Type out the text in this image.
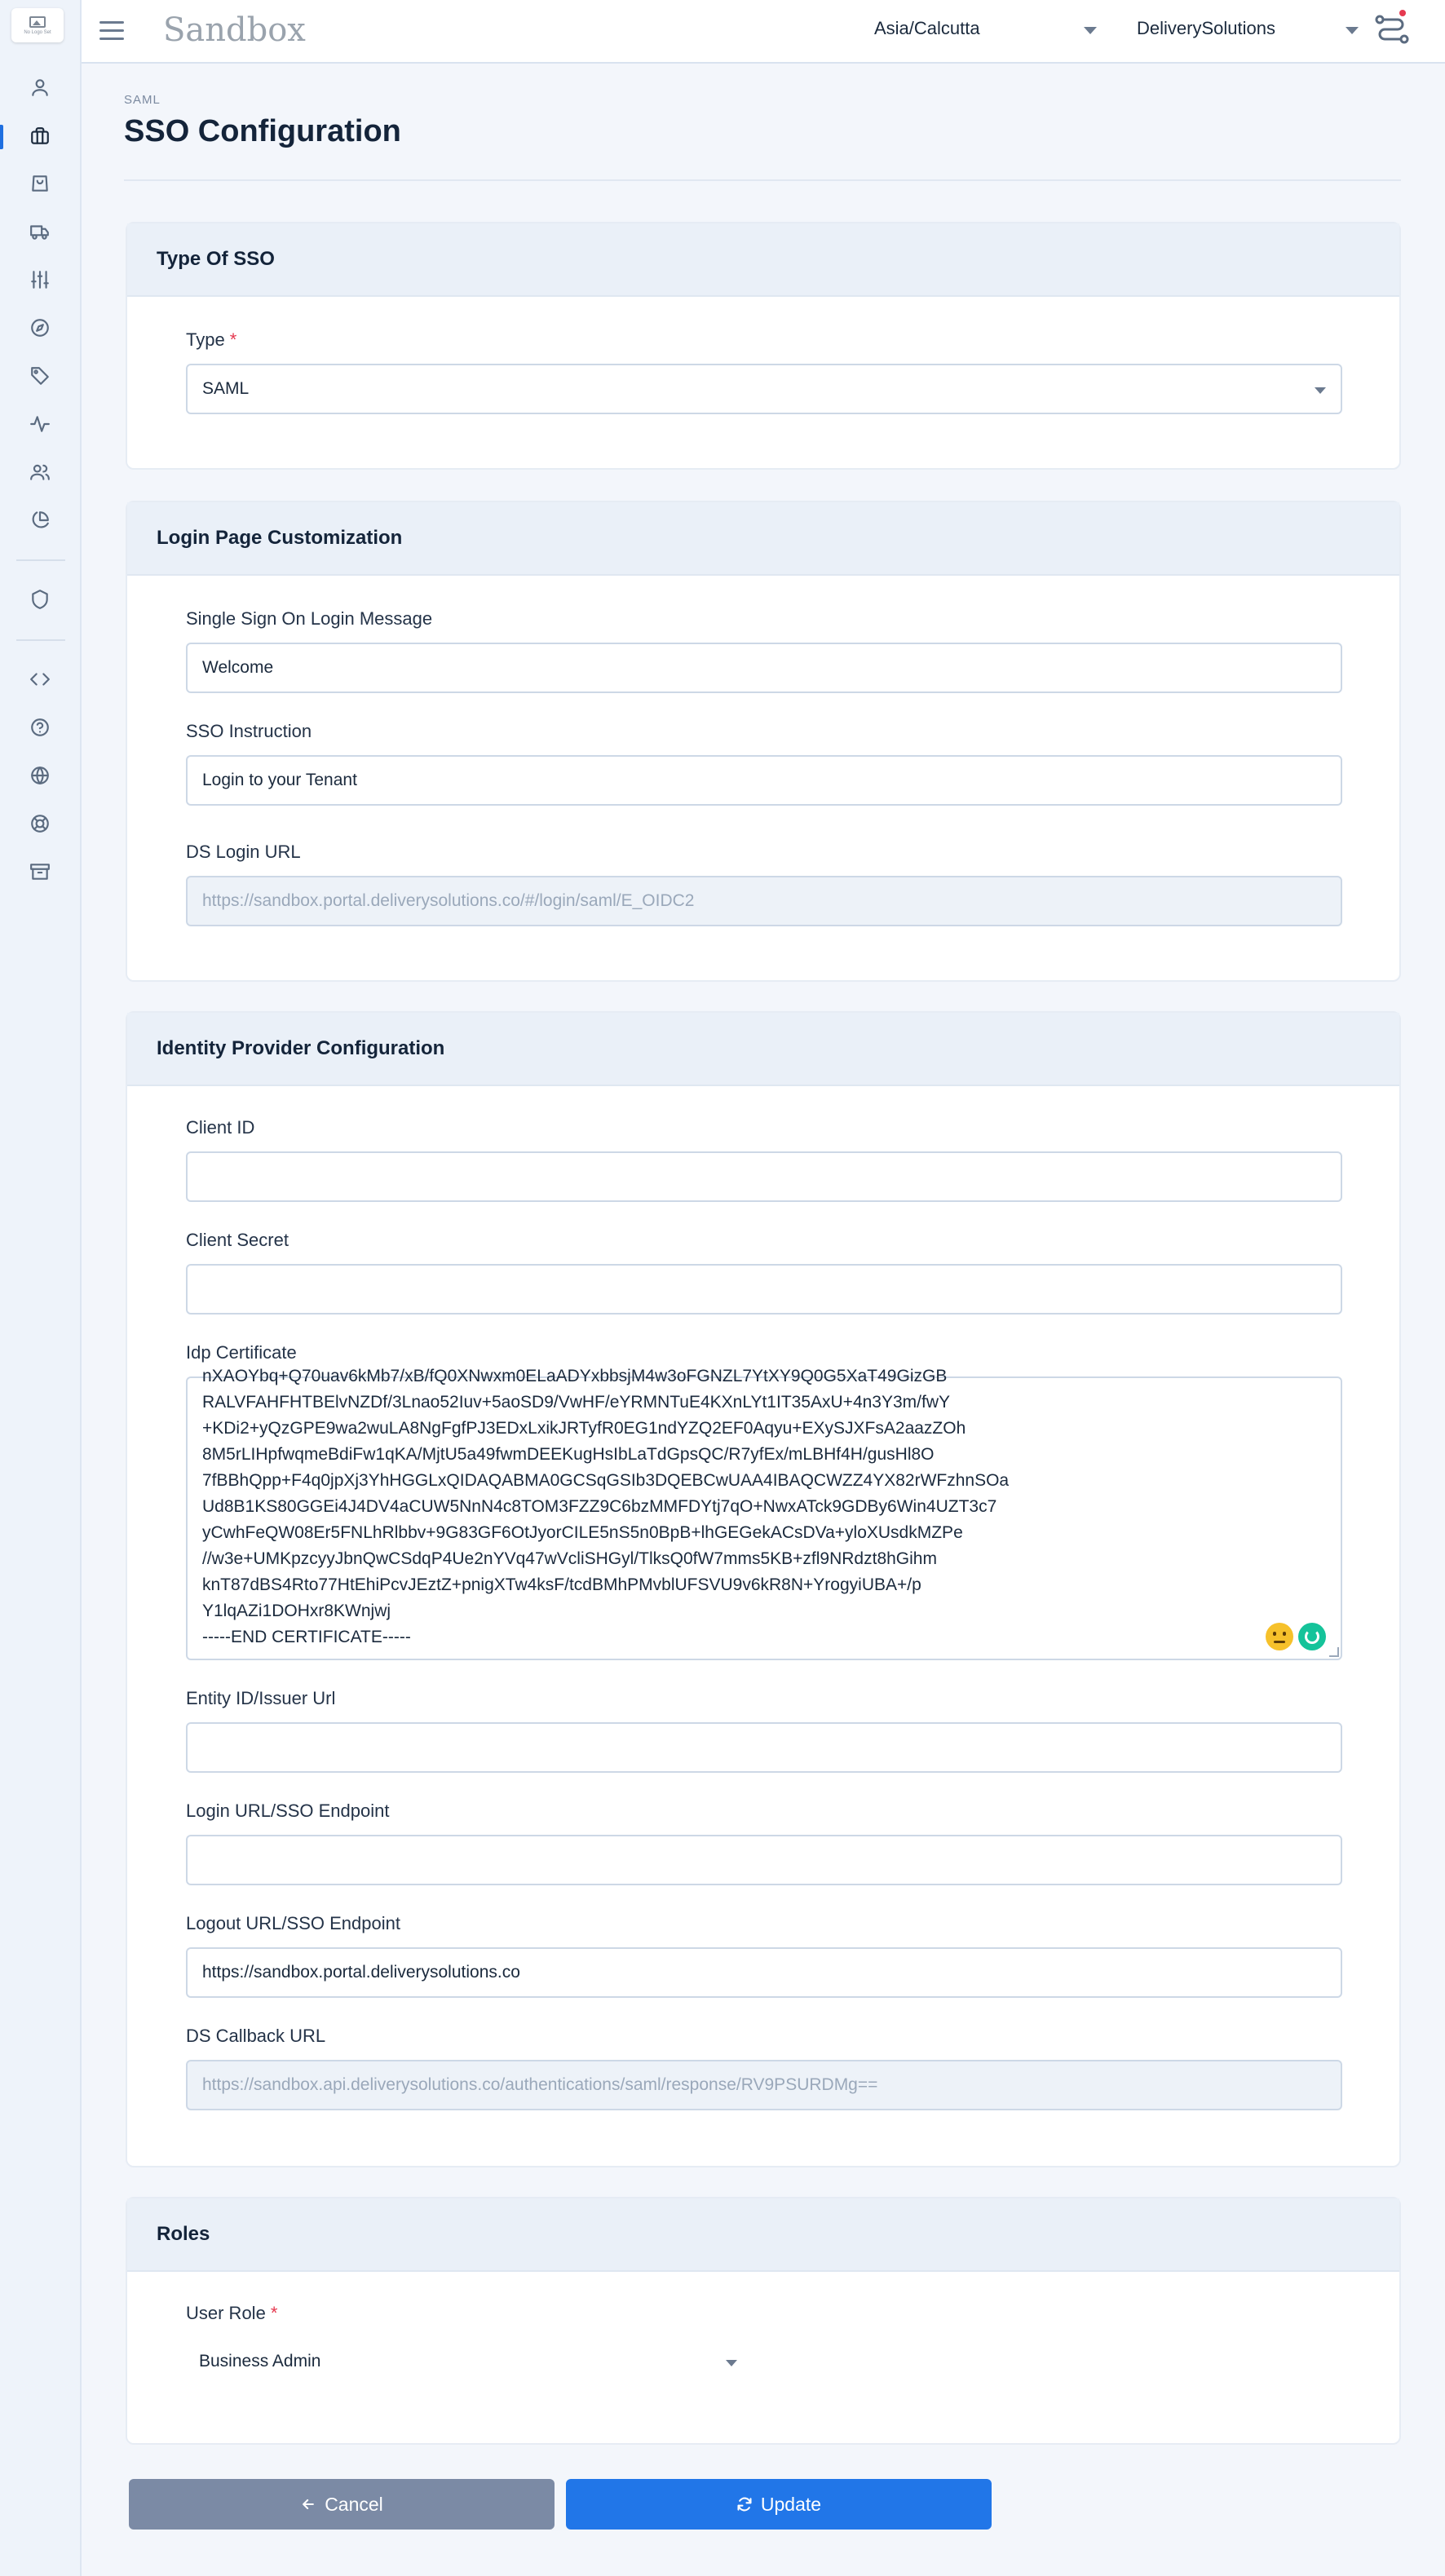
No Logo Set	Sandbox	Asia/Calcutta	DeliverySolutions
SAML
SSO Configuration
Type Of SSO
Type *
SAML
Login Page Customization
Single Sign On Login Message
Welcome
SSO Instruction
Login to your Tenant
DS Login URL
https://sandbox.portal.deliverysolutions.co/#/login/saml/E_OIDC2
Identity Provider Configuration
Client ID
Client Secret
Idp Certificate
nXAOYbq+Q70uav6kMb7/xB/fQ0XNwxm0ELaADYxbbsjM4w3oFGNZL7YtXY9Q0G5XaT49GizGB
RALVFAHFHTBElvNZDf/3Lnao52Iuv+5aoSD9/VwHF/eYRMNTuE4KXnLYt1IT35AxU+4n3Y3m/fwY
+KDi2+yQzGPE9wa2wuLA8NgFgfPJ3EDxLxikJRTyfR0EG1ndYZQ2EF0Aqyu+EXySJXFsA2aazZOh
8M5rLIHpfwqmeBdiFw1qKA/MjtU5a49fwmDEEKugHsIbLaTdGpsQC/R7yfEx/mLBHf4H/gusHl8O
7fBBhQpp+F4q0jpXj3YhHGGLxQIDAQABMA0GCSqGSIb3DQEBCwUAA4IBAQCWZZ4YX82rWFzhnSOa
Ud8B1KS80GGEi4J4DV4aCUW5NnN4c8TOM3FZZ9C6bzMMFDYtj7qO+NwxATck9GDBy6Win4UZT3c7
yCwhFeQW08Er5FNLhRlbbv+9G83GF6OtJyorCILE5nS5n0BpB+lhGEGekACsDVa+yloXUsdkMZPe
//w3e+UMKpzcyyJbnQwCSdqP4Ue2nYVq47wVcliSHGyl/TlksQ0fW7mms5KB+zfl9NRdzt8hGihm
knT87dBS4Rto77HtEhiPcvJEztZ+pnigXTw4ksF/tcdBMhPMvblUFSVU9v6kR8N+YrogyiUBA+/p
Y1lqAZi1DOHxr8KWnjwj
-----END CERTIFICATE-----
Entity ID/Issuer Url
Login URL/SSO Endpoint
Logout URL/SSO Endpoint
https://sandbox.portal.deliverysolutions.co
DS Callback URL
https://sandbox.api.deliverysolutions.co/authentications/saml/response/RV9PSURDMg==
Roles
User Role *
Business Admin
Cancel	Update
